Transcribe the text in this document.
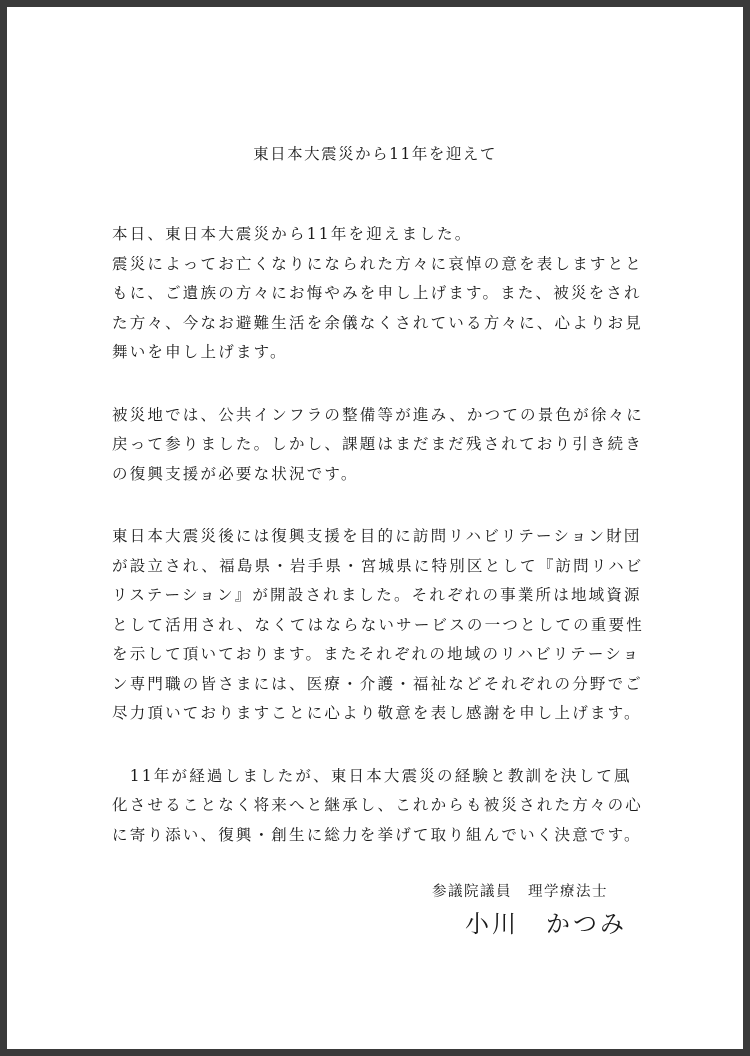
東日本大震災から11年を迎えて
本日、東日本大震災から11年を迎えました。
震災によってお亡くなりになられた方々に哀悼の意を表しますとと
もに、ご遺族の方々にお悔やみを申し上げます。また、被災をされ
た方々、今なお避難生活を余儀なくされている方々に、心よりお見
舞いを申し上げます。
被災地では、公共インフラの整備等が進み、かつての景色が徐々に
戻って参りました。しかし、課題はまだまだ残されており引き続き
の復興支援が必要な状況です。
東日本大震災後には復興支援を目的に訪問リハビリテーション財団
が設立され、福島県・岩手県・宮城県に特別区として『訪問リハビ
リステーション』が開設されました。それぞれの事業所は地域資源
として活用され、なくてはならないサービスの一つとしての重要性
を示して頂いております。またそれぞれの地域のリハビリテーショ
ン専門職の皆さまには、医療・介護・福祉などそれぞれの分野でご
尽力頂いておりますことに心より敬意を表し感謝を申し上げます。
　11年が経過しましたが、東日本大震災の経験と教訓を決して風
化させることなく将来へと継承し、これからも被災された方々の心
に寄り添い、復興・創生に総力を挙げて取り組んでいく決意です。
参議院議員　理学療法士
小川　かつみ
